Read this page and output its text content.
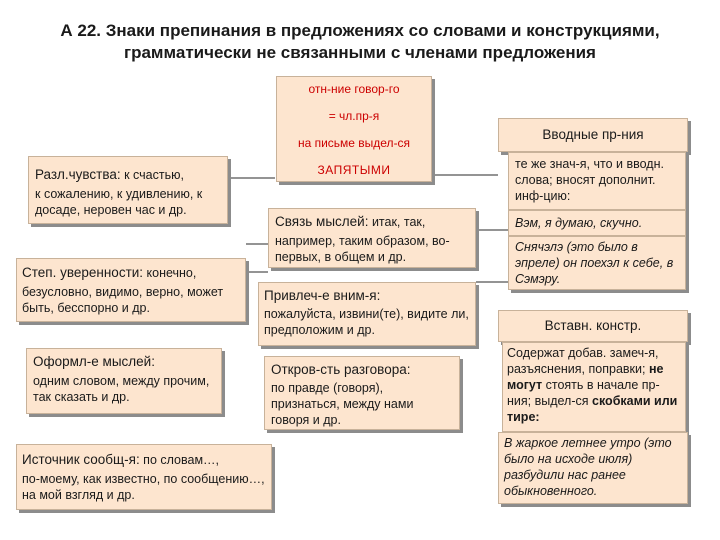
А 22. Знаки препинания в предложениях со словами и конструкциями,
грамматически не связанными с членами предложения
отн-ние говор-го
= чл.пр-я
на письме выдел-ся
ЗАПЯТЫМИ
Разл.чувства: к счастью,
к сожалению, к удивлению, к досаде, неровен час и др.
Степ. уверенности: конечно,
безусловно, видимо, верно, может быть, бесспорно и др.
Оформл-е мыслей:
одним словом, между прочим, так сказать и др.
Источник сообщ-я: по словам…,
по-моему, как известно, по сообщению…, на мой взгляд и др.
Связь мыслей: итак, так,
например, таким образом, во-первых, в общем и др.
Привлеч-е вним-я:
пожалуйста, извини(те), видите ли, предположим и др.
Откров-сть разговора:
по правде (говоря), признаться, между нами говоря и др.
Вводные пр-ния
те же знач-я, что и вводн. слова; вносят дополнит. инф-цию:
Вэм, я думаю, скучно.
Снячэлэ (это было в эпреле) он поехэл к себе, в Сэмэру.
Вставн. констр.
Содержат добав. замеч-я, разъяснения, поправки; не могут стоять в начале пр-ния; выдел-ся скобками или тире:
В жаркое летнее утро (это было на исходе июля) разбудили нас ранее обыкновенного.
